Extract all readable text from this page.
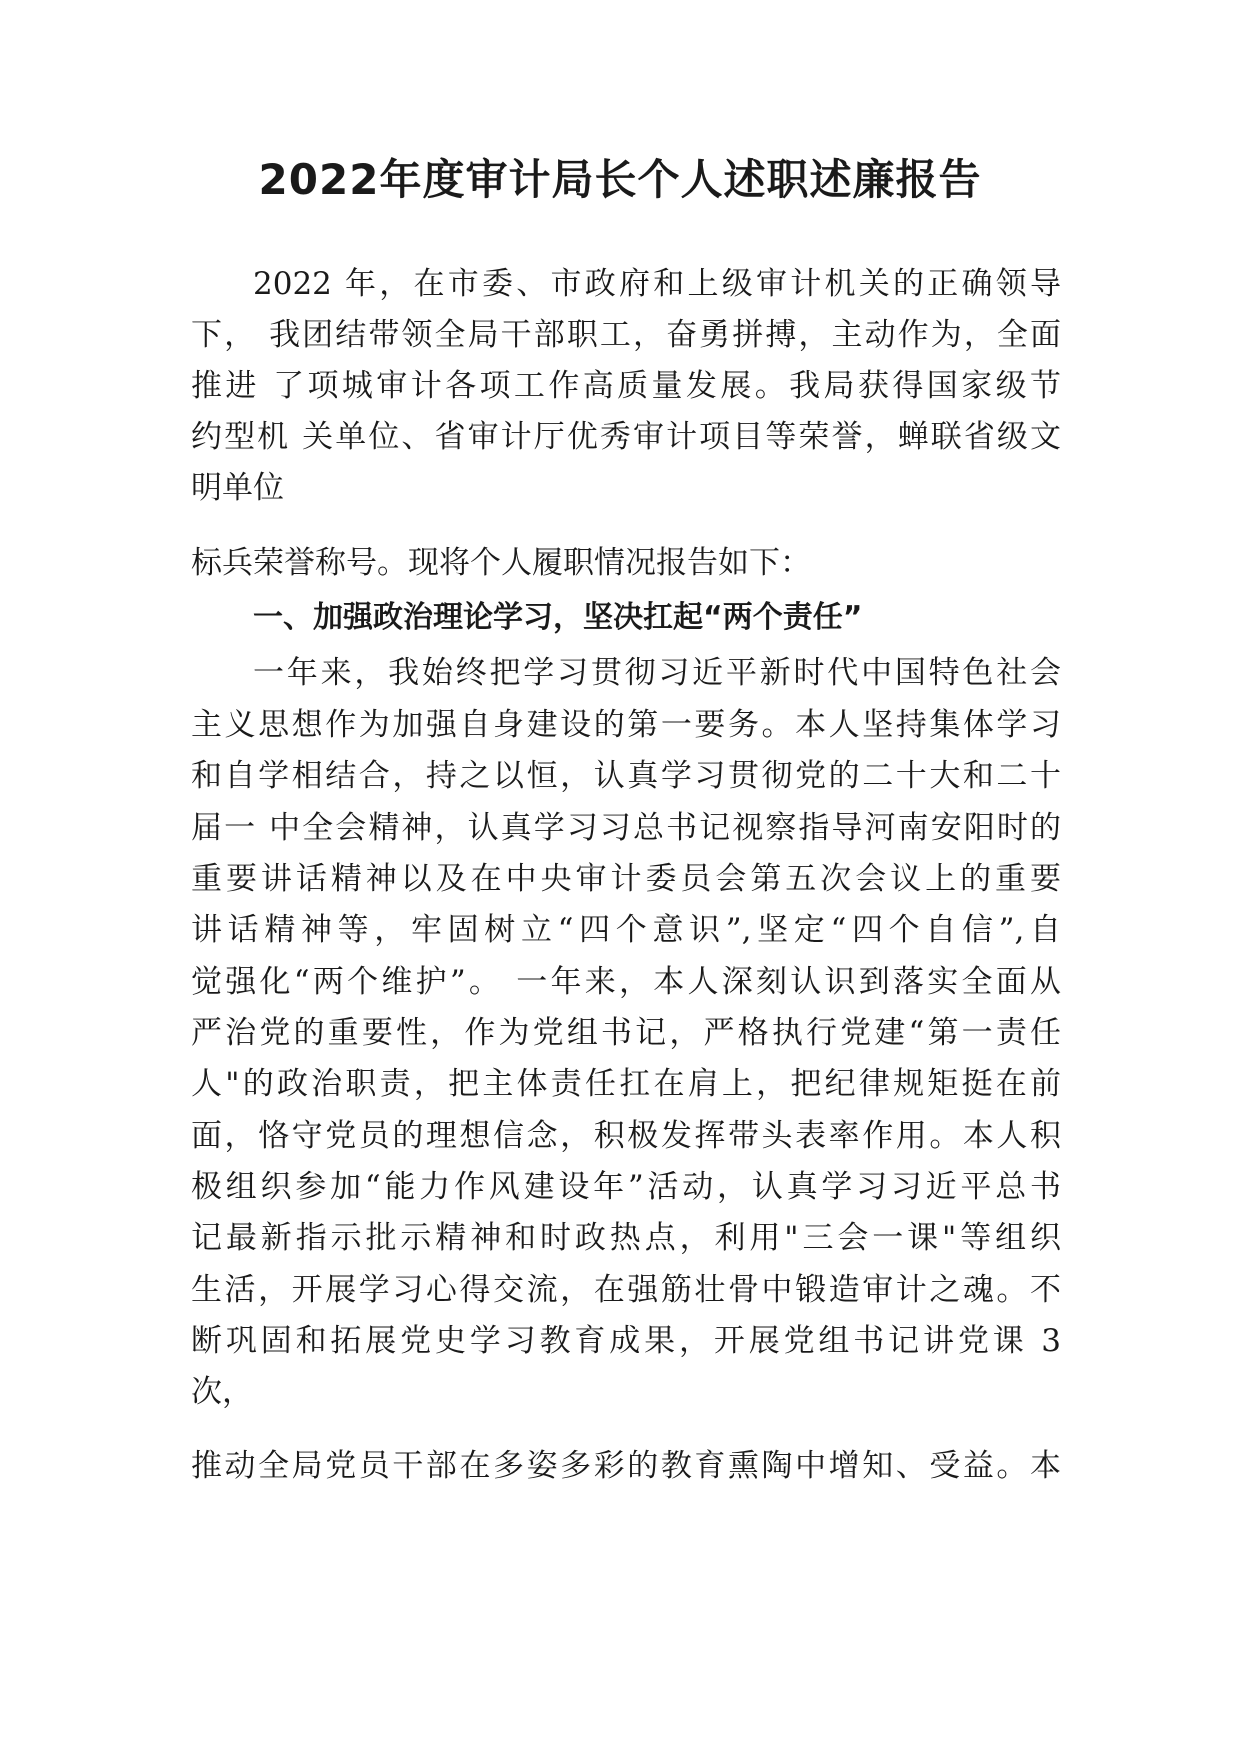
2022年度审计局长个人述职述廉报告

2022 年，在市委、市政府和上级审计机关的正确领导

下， 我团结带领全局干部职工，奋勇拼搏，主动作为，全面

推进 了项城审计各项工作高质量发展。我局获得国家级节

约型机 关单位、省审计厅优秀审计项目等荣誉，蝉联省级文

明单位

标兵荣誉称号。现将个人履职情况报告如下：

一、加强政治理论学习，坚决扛起“两个责任”

一年来，我始终把学习贯彻习近平新时代中国特色社会

主义思想作为加强自身建设的第一要务。本人坚持集体学习

和自学相结合，持之以恒，认真学习贯彻党的二十大和二十

届一 中全会精神，认真学习习总书记视察指导河南安阳时的

重要讲话精神以及在中央审计委员会第五次会议上的重要

讲话精神等，牢固树立“四个意识”,坚定“四个自信”,自

觉强化“两个维护”。 一年来，本人深刻认识到落实全面从

严治党的重要性，作为党组书记，严格执行党建“第一责任

人"的政治职责，把主体责任扛在肩上，把纪律规矩挺在前

面，恪守党员的理想信念，积极发挥带头表率作用。本人积

极组织参加“能力作风建设年”活动，认真学习习近平总书

记最新指示批示精神和时政热点，利用"三会一课"等组织

生活，开展学习心得交流，在强筋壮骨中锻造审计之魂。不

断巩固和拓展党史学习教育成果，开展党组书记讲党课 3

次，

推动全局党员干部在多姿多彩的教育熏陶中增知、受益。本
